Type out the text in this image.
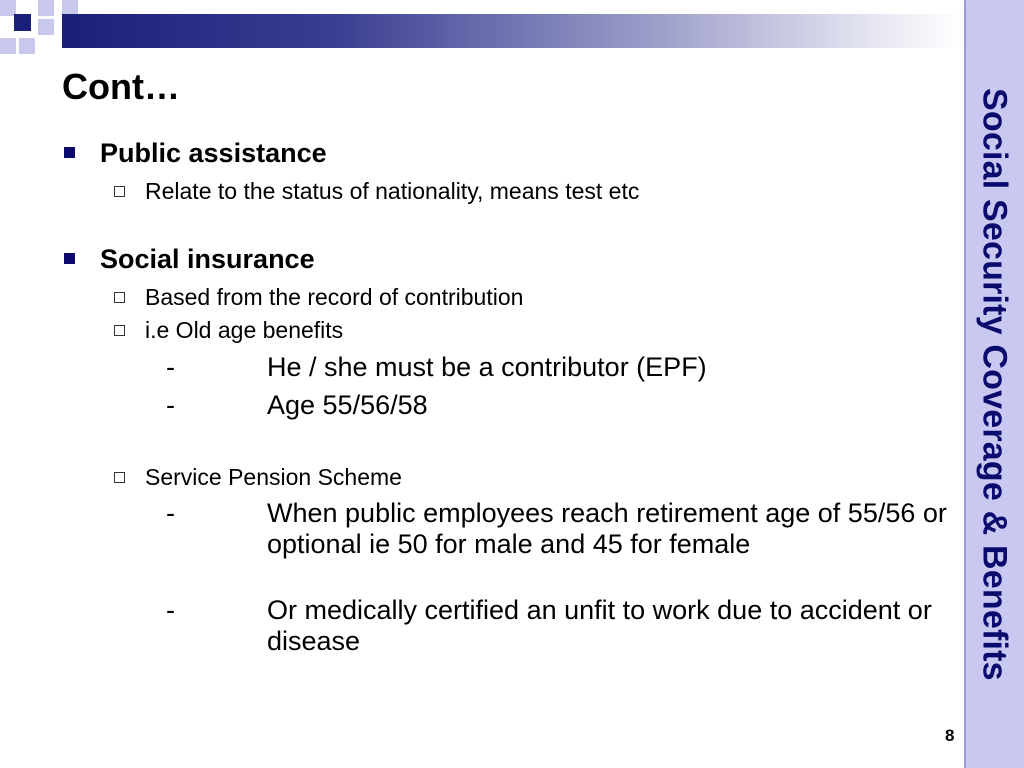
Social Security Coverage & Benefits
Cont…
Public assistance
Relate to the status of nationality, means test etc
Social insurance
Based from the record of contribution
i.e Old age benefits
-	He / she must be a contributor (EPF)
-	Age 55/56/58
Service Pension Scheme
-	When public employees reach retirement age of 55/56 or optional ie 50 for male and 45 for female
-	Or medically certified an unfit to work due to accident or disease
8
